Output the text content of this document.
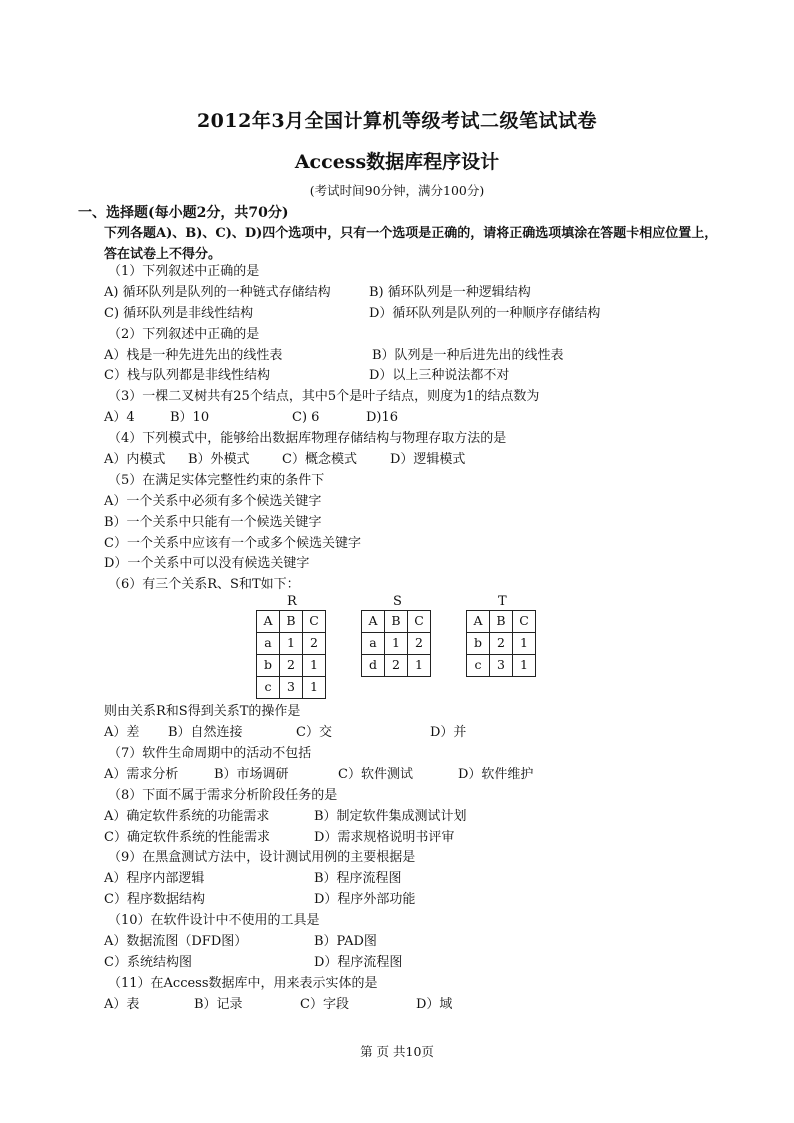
2012年3月全国计算机等级考试二级笔试试卷
Access数据库程序设计
(考试时间90分钟，满分100分)
一、选择题(每小题2分，共70分)
下列各题A)、B)、C)、D)四个选项中，只有一个选项是正确的，请将正确选项填涂在答题卡相应位置上，答在试卷上不得分。
（1）下列叙述中正确的是
A) 循环队列是队列的一种链式存储结构	B) 循环队列是一种逻辑结构
C) 循环队列是非线性结构	D）循环队列是队列的一种顺序存储结构
（2）下列叙述中正确的是
A）栈是一种先进先出的线性表	B）队列是一种后进先出的线性表
C）栈与队列都是非线性结构	D）以上三种说法都不对
（3）一棵二叉树共有25个结点，其中5个是叶子结点，则度为1的结点数为
A）4	B）10	C) 6	D)16
（4）下列模式中，能够给出数据库物理存储结构与物理存取方法的是
A）内模式 B）外模式 C）概念模式	D）逻辑模式
（5）在满足实体完整性约束的条件下
A）一个关系中必须有多个候选关键字
B）一个关系中只能有一个候选关键字
C）一个关系中应该有一个或多个候选关键字
D）一个关系中可以没有候选关键字
（6）有三个关系R、S和T如下：
R
A	B	C
a	1	2
b	2	1
c	3	1
S
A	B	C
a	1	2
d	2	1
T
A	B	C
b	2	1
c	3	1
则由关系R和S得到关系T的操作是
A）差 B）自然连接	C）交	D）并
（7）软件生命周期中的活动不包括
A）需求分析	B）市场调研	C）软件测试	D）软件维护
（8）下面不属于需求分析阶段任务的是
A）确定软件系统的功能需求	B）制定软件集成测试计划
C）确定软件系统的性能需求	D）需求规格说明书评审
（9）在黑盒测试方法中，设计测试用例的主要根据是
A）程序内部逻辑	B）程序流程图
C）程序数据结构	D）程序外部功能
（10）在软件设计中不使用的工具是
A）数据流图（DFD图）	B）PAD图
C）系统结构图	D）程序流程图
（11）在Access数据库中，用来表示实体的是
A）表	B）记录	C）字段	D）域
第 页 共10页
